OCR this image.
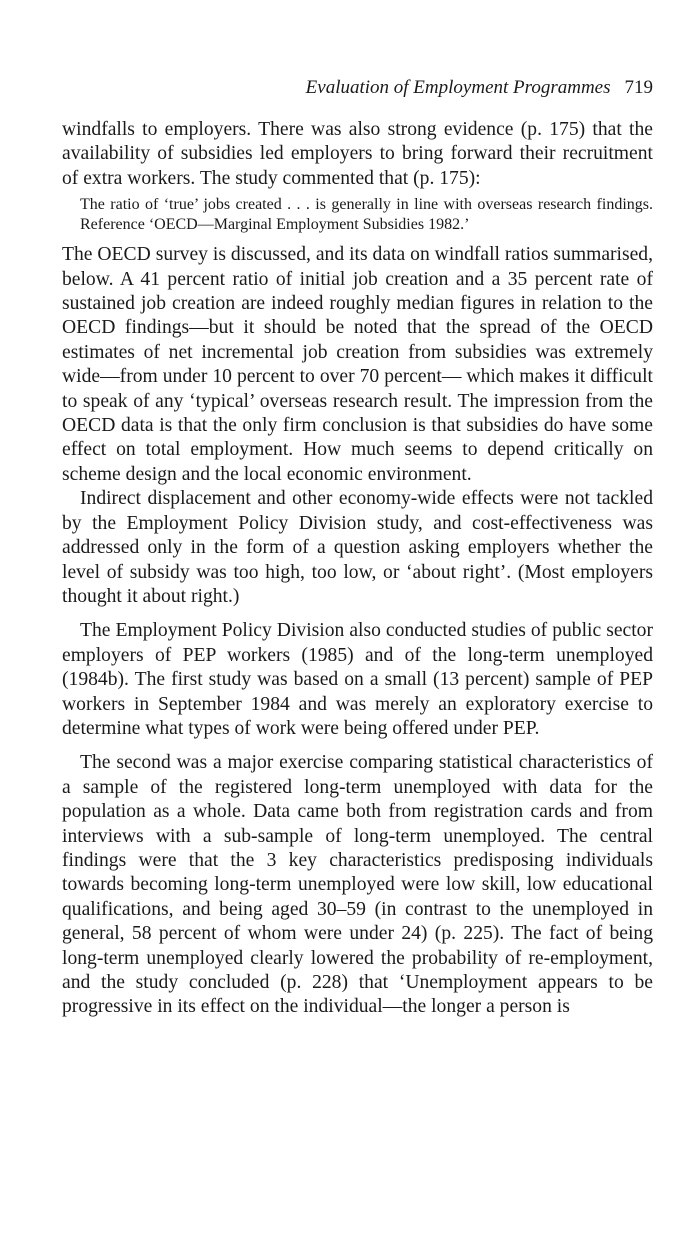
Evaluation of Employment Programmes 719

windfalls to employers. There was also strong evidence (p. 175) that the availability of subsidies led employers to bring forward their recruitment of extra workers. The study commented that (p. 175):

The ratio of ‘true’ jobs created . . . is generally in line with overseas research findings. Reference ‘OECD—Marginal Employment Subsidies 1982.’

The OECD survey is discussed, and its data on windfall ratios summarised, below. A 41 percent ratio of initial job creation and a 35 percent rate of sustained job creation are indeed roughly median figures in relation to the OECD findings—but it should be noted that the spread of the OECD estimates of net incremental job creation from subsidies was extremely wide—from under 10 percent to over 70 percent— which makes it difficult to speak of any ‘typical’ overseas research result. The impression from the OECD data is that the only firm conclusion is that subsidies do have some effect on total employment. How much seems to depend critically on scheme design and the local economic environment.

Indirect displacement and other economy-wide effects were not tackled by the Employment Policy Division study, and cost-effectiveness was addressed only in the form of a question asking employers whether the level of subsidy was too high, too low, or ‘about right’. (Most employers thought it about right.)

The Employment Policy Division also conducted studies of public sector employers of PEP workers (1985) and of the long-term unemployed (1984b). The first study was based on a small (13 percent) sample of PEP workers in September 1984 and was merely an exploratory exercise to determine what types of work were being offered under PEP.

The second was a major exercise comparing statistical characteristics of a sample of the registered long-term unemployed with data for the population as a whole. Data came both from registration cards and from interviews with a sub-sample of long-term unemployed. The central findings were that the 3 key characteristics predisposing individuals towards becoming long-term unemployed were low skill, low educational qualifications, and being aged 30–59 (in contrast to the unemployed in general, 58 percent of whom were under 24) (p. 225). The fact of being long-term unemployed clearly lowered the probability of re-employment, and the study concluded (p. 228) that ‘Unemployment appears to be progressive in its effect on the individual—the longer a person is
